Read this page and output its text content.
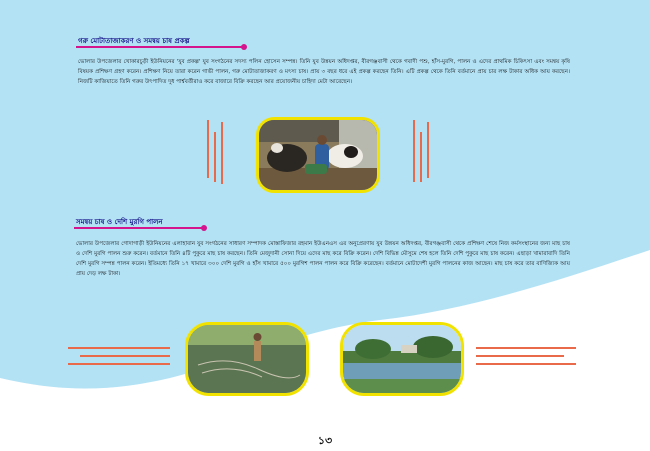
গরু মোটাতাজাকরণ ও সমন্বয় চাষ প্রকল্প
ভোলার উপজেলার খোকারচুড়ী ইউনিয়নের 'যুব প্রকল্প' যুব সংগঠনের সদস্য পলিন হোসেন সম্পন্ন। তিনি যুব উন্নয়ন অধিদপ্তর, বীরগঞ্জবাসী থেকে গবাদী পশু, হাঁস-মুরগি, পালন ও এদের প্রাথমিক চিকিৎসা এবং সমন্বয় কৃষি বিষয়ক প্রশিক্ষণ গ্রহণ করেন। প্রশিক্ষণ নিয়ে তারা করেন গাভী পালন, গরু মোটাতাজাকরণ ও মৎস্য চাষ। প্রায় ৩ বছর ধরে এই প্রকল্প করছেন তিনি। এটি প্রকল্প থেকে তিনি বর্তমানে প্রায় চার লক্ষ টাকার অধিক আয় করছেন। নিজটি কাজিয়াতে তিনি গরুর উৎপাদিত দুধ পার্শ্ববর্তীরাও করে বাজারে বিক্রি করছেন আর প্রয়োজনীয় চাহিদা মেটা আরেছেন।
সমন্বয় চাষ ও দেশি মুরগি পালন
ভোলার উপজেলার গোদাগাড়ী ইউনিয়নের এলাহাবান যুব সংগঠনের সাধারণ সম্পাদক মোস্তাফিজার রহমান ইউএনএস এর অনুপ্রেরণায় যুব উন্নয়ন অধিদপ্তর, বীরগঞ্জবাসী থেকে প্রশিক্ষণ শেষে নিজ কর্মসংস্থানের জন্য মাছ চাষ ও দেশি মুরগি পালন শুরু করেন। বর্তমানে তিনি ৪টি পুকুরে মাছ চাষ করছেন। তিনি মেজুদানী সোনা দিয়ে এদের মাছ করে বিক্রি করেন। দেশি বিভিন্ন মৌসুমে শেষ হলে তিনি দেশি পুকুরে মাছ চাষ করেন। এছাড়া খামারাবাদি তিনি দেশি মুরগি সম্পন্ন পালন করেন। ইতিমধ্যে তিনি ১৭ খামারে ৩০০ দেশি মুরগি ও হাঁস খামারে ৫০০ মুরগিশ পালন পালন করে বিক্রি করেছেন। বর্তমানে মোটাদেশী মুরগি পালনের কাজ আছেন। মাছ চাষ করে তার বাণিজ্যিক আয় প্রায় দেড় লক্ষ টাকা।
১৩
